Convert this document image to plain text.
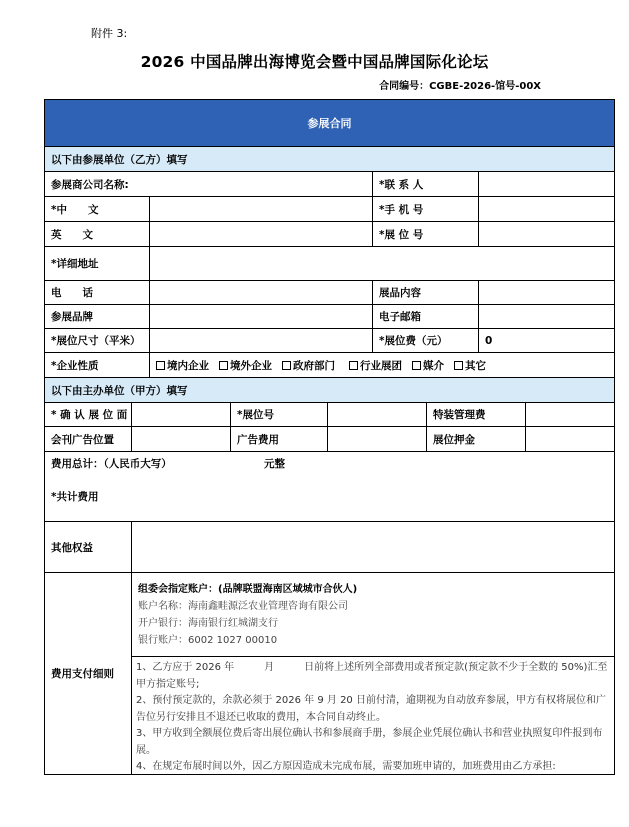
附件 3:
2026 中国品牌出海博览会暨中国品牌国际化论坛
合同编号：CGBE-2026-馆号-00X
参展合同
以下由参展单位（乙方）填写
参展商公司名称:	*联 系 人
*中　　文	*手 机 号
英　　文	*展 位 号
*详细地址
电　　话	展品内容
参展品牌	电子邮箱
*展位尺寸（平米）	*展位费（元）	0
*企业性质	境内企业 境外企业 政府部门 行业展团 媒介 其它
以下由主办单位（甲方）填写
* 确 认 展 位 面	*展位号	特装管理费
会刊广告位置	广告费用	展位押金
费用总计：（人民币大写）	元整
*共计费用
其他权益
费用支付细则
组委会指定账户：(品牌联盟海南区域城市合伙人)
账户名称：海南鑫畦源泛农业管理咨询有限公司
开户银行：海南银行红城湖支行
银行账户：6002 1027 00010

1、乙方应于 2026 年　　　月　　　日前将上述所列全部费用或者预定款(预定款不少于全数的 50%)汇至甲方指定账号;

2、预付预定款的，余款必须于 2026 年 9 月 20 日前付清，逾期视为自动放弃参展，甲方有权将展位和广告位另行安排且不退还已收取的费用，本合同自动终止。

3、甲方收到全额展位费后寄出展位确认书和参展商手册，参展企业凭展位确认书和营业执照复印件报到布展。

4、在规定布展时间以外，因乙方原因造成未完成布展，需要加班申请的，加班费用由乙方承担:
